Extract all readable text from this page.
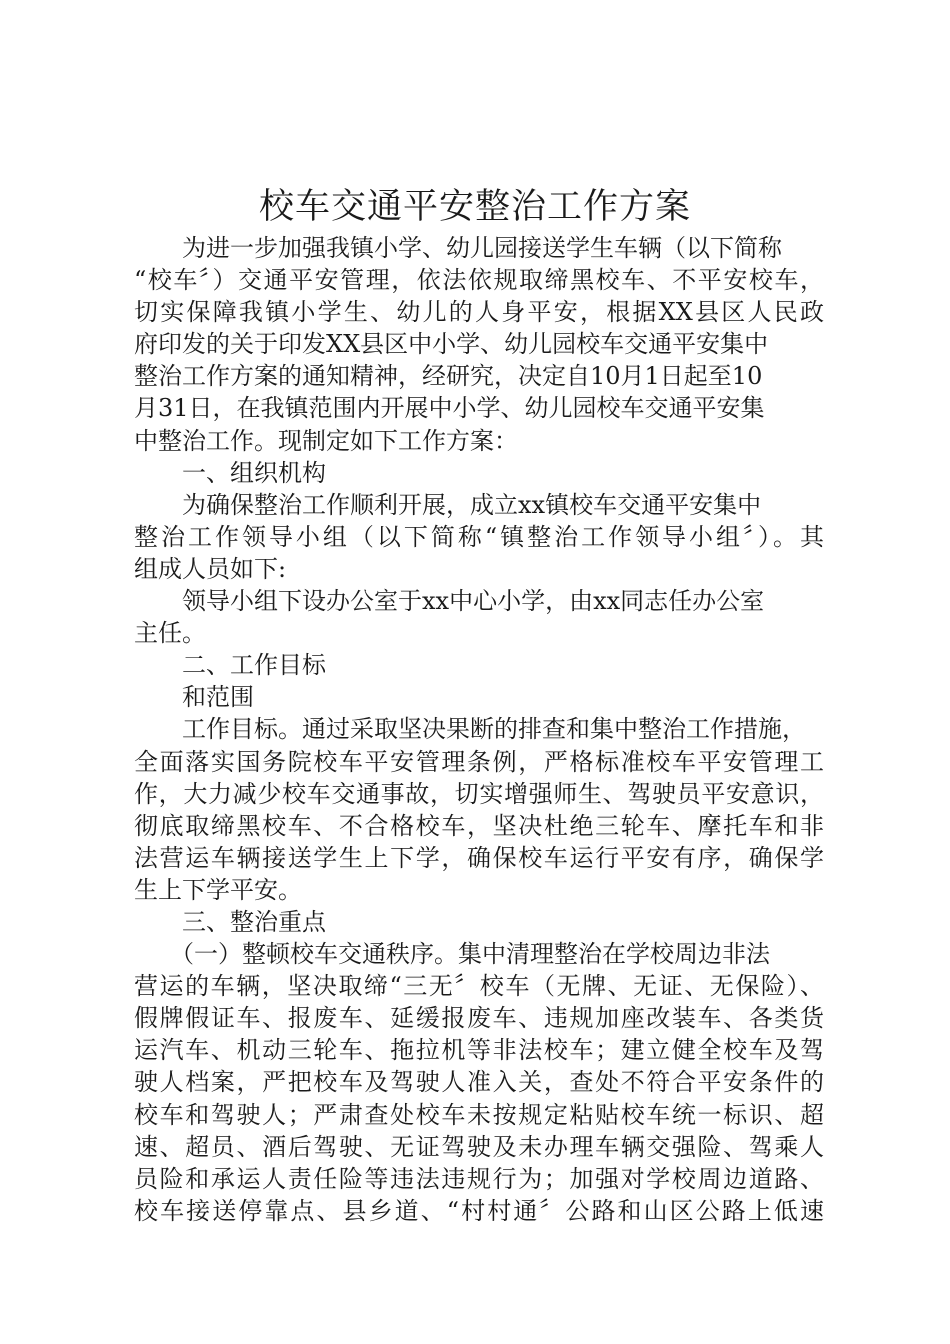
校车交通平安整治工作方案
为进一步加强我镇小学、幼儿园接送学生车辆（以下简称
“校车〞）交通平安管理，依法依规取缔黑校车、不平安校车，
切实保障我镇小学生、幼儿的人身平安，根据XX县区人民政
府印发的关于印发XX县区中小学、幼儿园校车交通平安集中
整治工作方案的通知精神，经研究，决定自10月1日起至10
月31日，在我镇范围内开展中小学、幼儿园校车交通平安集
中整治工作。现制定如下工作方案：
一、组织机构
为确保整治工作顺利开展，成立xx镇校车交通平安集中
整治工作领导小组（以下简称“镇整治工作领导小组〞）。其
组成人员如下:
领导小组下设办公室于xx中心小学，由xx同志任办公室
主任。
二、工作目标
和范围
工作目标。通过采取坚决果断的排查和集中整治工作措施，
全面落实国务院校车平安管理条例，严格标准校车平安管理工
作，大力减少校车交通事故，切实增强师生、驾驶员平安意识，
彻底取缔黑校车、不合格校车，坚决杜绝三轮车、摩托车和非
法营运车辆接送学生上下学，确保校车运行平安有序，确保学
生上下学平安。
三、整治重点
（一）整顿校车交通秩序。集中清理整治在学校周边非法
营运的车辆，坚决取缔“三无〞校车（无牌、无证、无保险）、
假牌假证车、报废车、延缓报废车、违规加座改装车、各类货
运汽车、机动三轮车、拖拉机等非法校车；建立健全校车及驾
驶人档案，严把校车及驾驶人准入关，查处不符合平安条件的
校车和驾驶人；严肃查处校车未按规定粘贴校车统一标识、超
速、超员、酒后驾驶、无证驾驶及未办理车辆交强险、驾乘人
员险和承运人责任险等违法违规行为；加强对学校周边道路、
校车接送停靠点、县乡道、“村村通〞公路和山区公路上低速
